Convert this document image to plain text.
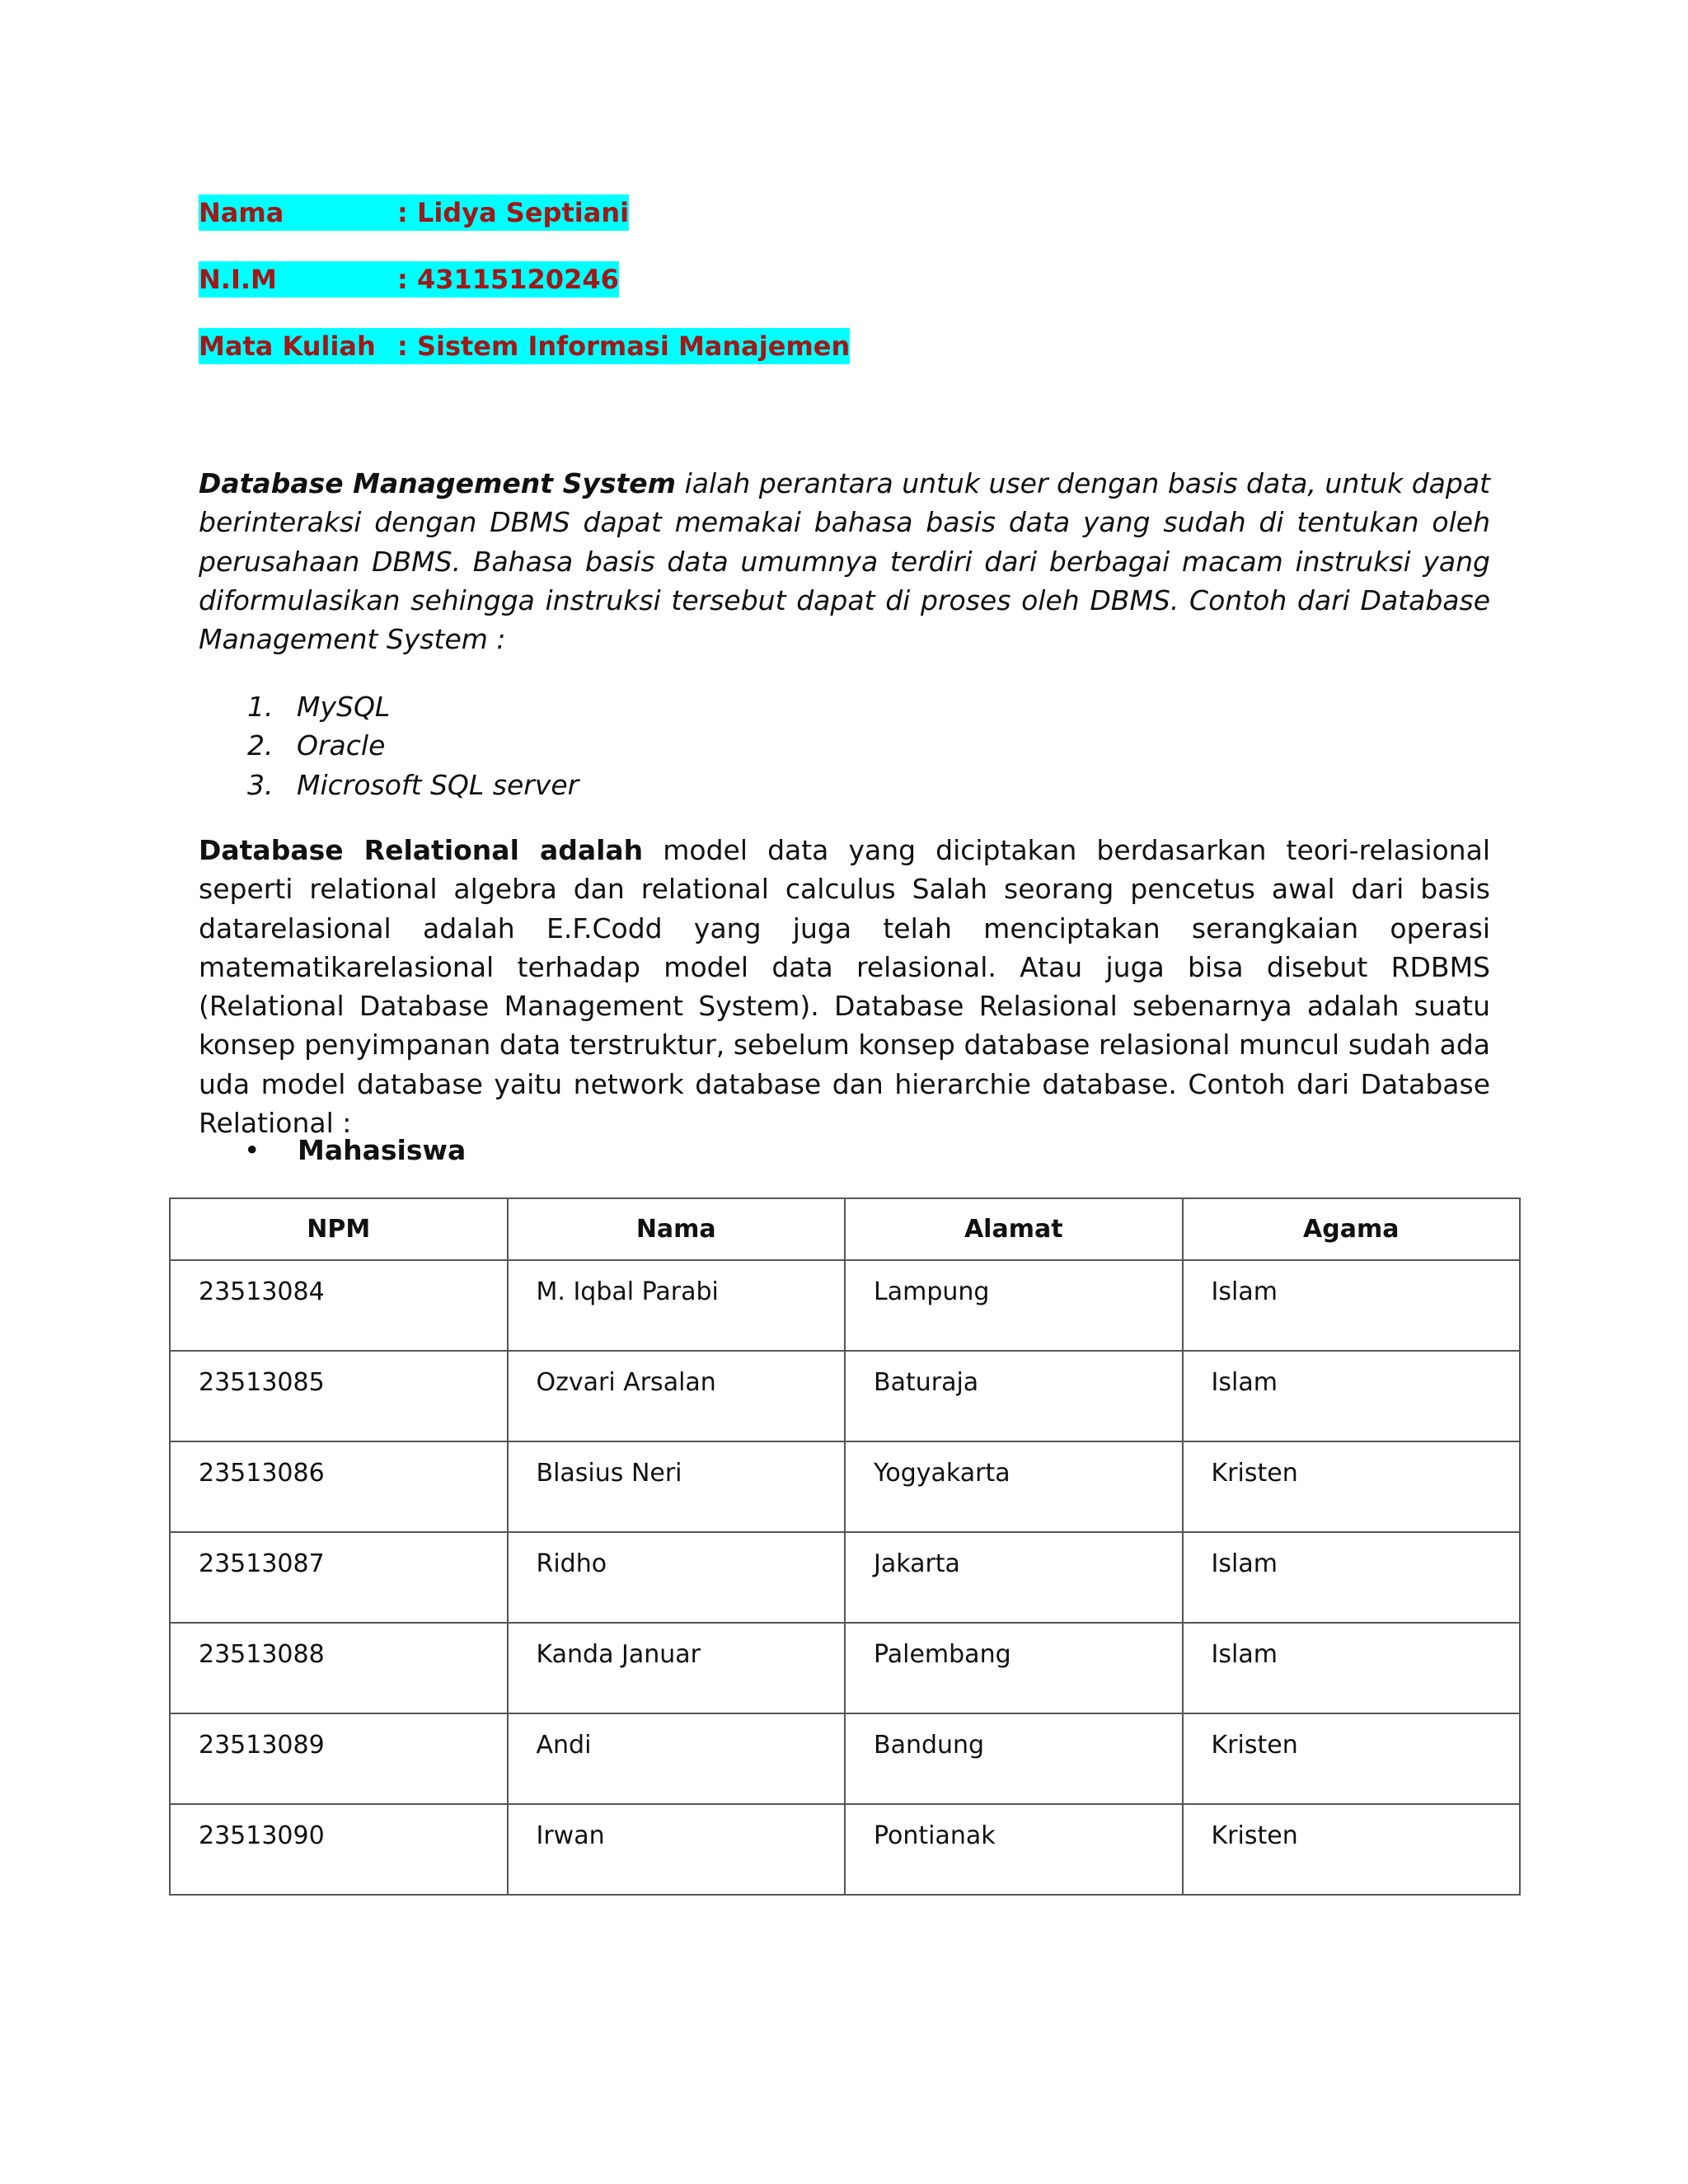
Nama	: Lidya Septiani
N.I.M	: 43115120246
Mata Kuliah : Sistem Informasi Manajemen

Database Management System ialah perantara untuk user dengan basis data, untuk dapat berinteraksi dengan DBMS dapat memakai bahasa basis data yang sudah di tentukan oleh perusahaan DBMS. Bahasa basis data umumnya terdiri dari berbagai macam instruksi yang diformulasikan sehingga instruksi tersebut dapat di proses oleh DBMS. Contoh dari Database Management System :

1. MySQL
2. Oracle
3. Microsoft SQL server

Database Relational adalah model data yang diciptakan berdasarkan teori-relasional seperti relational algebra dan relational calculus Salah seorang pencetus awal dari basis datarelasional adalah E.F.Codd yang juga telah menciptakan serangkaian operasi matematikarelasional terhadap model data relasional. Atau juga bisa disebut RDBMS (Relational Database Management System). Database Relasional sebenarnya adalah suatu konsep penyimpanan data terstruktur, sebelum konsep database relasional muncul sudah ada uda model database yaitu network database dan hierarchie database. Contoh dari Database Relational :

• Mahasiswa
NPM	Nama	Alamat	Agama
23513084	M. Iqbal Parabi	Lampung	Islam
23513085	Ozvari Arsalan	Baturaja	Islam
23513086	Blasius Neri	Yogyakarta	Kristen
23513087	Ridho	Jakarta	Islam
23513088	Kanda Januar	Palembang	Islam
23513089	Andi	Bandung	Kristen
23513090	Irwan	Pontianak	Kristen
